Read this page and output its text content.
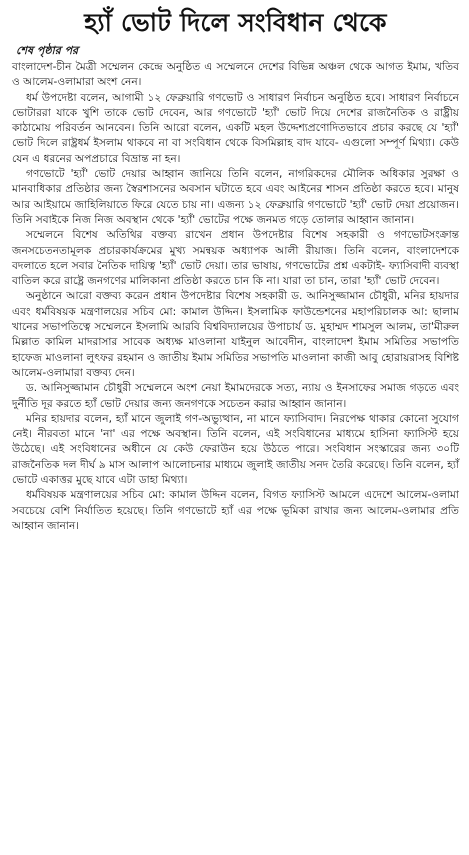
হ্যাঁ ভোট দিলে সংবিধান থেকে
শেষ পৃষ্ঠার পর

বাংলাদেশ-চীন মৈত্রী সম্মেলন কেন্দ্রে অনুষ্ঠিত এ সম্মেলনে দেশের বিভিন্ন অঞ্চল থেকে আগত ইমাম, খতিব ও আলেম-ওলামারা অংশ নেন।

ধর্ম উপদেষ্টা বলেন, আগামী ১২ ফেব্রুয়ারি গণভোট ও সাধারণ নির্বাচন অনুষ্ঠিত হবে। সাধারণ নির্বাচনে ভোটাররা যাকে খুশি তাকে ভোট দেবেন, আর গণভোটে 'হ্যাঁ' ভোট দিয়ে দেশের রাজনৈতিক ও রাষ্ট্রীয় কাঠামোয় পরিবর্তন আনবেন। তিনি আরো বলেন, একটি মহল উদ্দেশ্যপ্রণোদিতভাবে প্রচার করছে যে 'হ্যাঁ' ভোট দিলে রাষ্ট্রধর্ম ইসলাম থাকবে না বা সংবিধান থেকে বিসমিল্লাহ বাদ যাবে- এগুলো সম্পূর্ণ মিথ্যা। কেউ যেন এ ধরনের অপপ্রচারে বিভ্রান্ত না হন।

গণভোটে 'হ্যাঁ' ভোট দেয়ার আহ্বান জানিয়ে তিনি বলেন, নাগরিকদের মৌলিক অধিকার সুরক্ষা ও মানবাধিকার প্রতিষ্ঠার জন্য স্বৈরশাসনের অবসান ঘটাতে হবে এবং আইনের শাসন প্রতিষ্ঠা করতে হবে। মানুষ আর আইয়ামে জাহিলিয়াতে ফিরে যেতে চায় না। এজন্য ১২ ফেব্রুয়ারি গণভোটে 'হ্যাঁ' ভোট দেয়া প্রয়োজন। তিনি সবাইকে নিজ নিজ অবস্থান থেকে 'হ্যাঁ' ভোটের পক্ষে জনমত গড়ে তোলার আহ্বান জানান।

সম্মেলনে বিশেষ অতিথির বক্তব্য রাখেন প্রধান উপদেষ্টার বিশেষ সহকারী ও গণভোটসংক্রান্ত জনসচেতনতামূলক প্রচারকার্যক্রমের মুখ্য সমন্বয়ক অধ্যাপক আলী রীয়াজ। তিনি বলেন, বাংলাদেশকে বদলাতে হলে সবার নৈতিক দায়িত্ব 'হ্যাঁ' ভোট দেয়া। তার ভাষায়, গণভোটের প্রশ্ন একটাই- ফ্যাসিবাদী ব্যবস্থা বাতিল করে রাষ্ট্রে জনগণের মালিকানা প্রতিষ্ঠা করতে চান কি না। যারা তা চান, তারা 'হ্যাঁ' ভোট দেবেন।

অনুষ্ঠানে আরো বক্তব্য করেন প্রধান উপদেষ্টার বিশেষ সহকারী ড. আনিসুজ্জামান চৌধুরী, মনির হায়দার এবং ধর্মবিষয়ক মন্ত্রণালয়ের সচিব মো: কামাল উদ্দিন। ইসলামিক ফাউন্ডেশনের মহাপরিচালক আ: ছালাম খানের সভাপতিত্বে সম্মেলনে ইসলামি আরবি বিশ্ববিদ্যালয়ের উপাচার্য ড. মুহাম্মদ শামসুল আলম, তা'মীরুল মিল্লাত কামিল মাদরাসার সাবেক অধ্যক্ষ মাওলানা যাইনুল আবেদীন, বাংলাদেশ ইমাম সমিতির সভাপতি হাফেজ মাওলানা লুৎফর রহমান ও জাতীয় ইমাম সমিতির সভাপতি মাওলানা কাজী আবু হোরায়রাসহ বিশিষ্ট আলেম-ওলামারা বক্তব্য দেন।

ড. আনিসুজ্জামান চৌধুরী সম্মেলনে অংশ নেয়া ইমামদেরকে সত্য, ন্যায় ও ইনসাফের সমাজ গড়তে এবং দুর্নীতি দূর করতে হ্যাঁ ভোট দেয়ার জন্য জনগণকে সচেতন করার আহ্বান জানান।

মনির হায়দার বলেন, হ্যাঁ মানে জুলাই গণ-অভ্যুত্থান, না মানে ফ্যাসিবাদ। নিরপেক্ষ থাকার কোনো সুযোগ নেই। নীরবতা মানে 'না' এর পক্ষে অবস্থান। তিনি বলেন, এই সংবিধানের মাধ্যমে হাসিনা ফ্যাসিস্ট হয়ে উঠেছে। এই সংবিধানের অধীনে যে কেউ ফেরাউন হয়ে উঠতে পারে। সংবিধান সংস্কারের জন্য ৩০টি রাজনৈতিক দল দীর্ঘ ৯ মাস আলাপ আলোচনার মাধ্যমে জুলাই জাতীয় সনদ তৈরি করেছে। তিনি বলেন, হ্যাঁ ভোটে একাত্তর মুছে যাবে এটা ডাহা মিথ্যা।

ধর্মবিষয়ক মন্ত্রণালয়ের সচিব মো: কামাল উদ্দিন বলেন, বিগত ফ্যাসিস্ট আমলে এদেশে আলেম-ওলামা সবচেয়ে বেশি নির্যাতিত হয়েছে। তিনি গণভোটে হ্যাঁ এর পক্ষে ভূমিকা রাখার জন্য আলেম-ওলামার প্রতি আহ্বান জানান।
